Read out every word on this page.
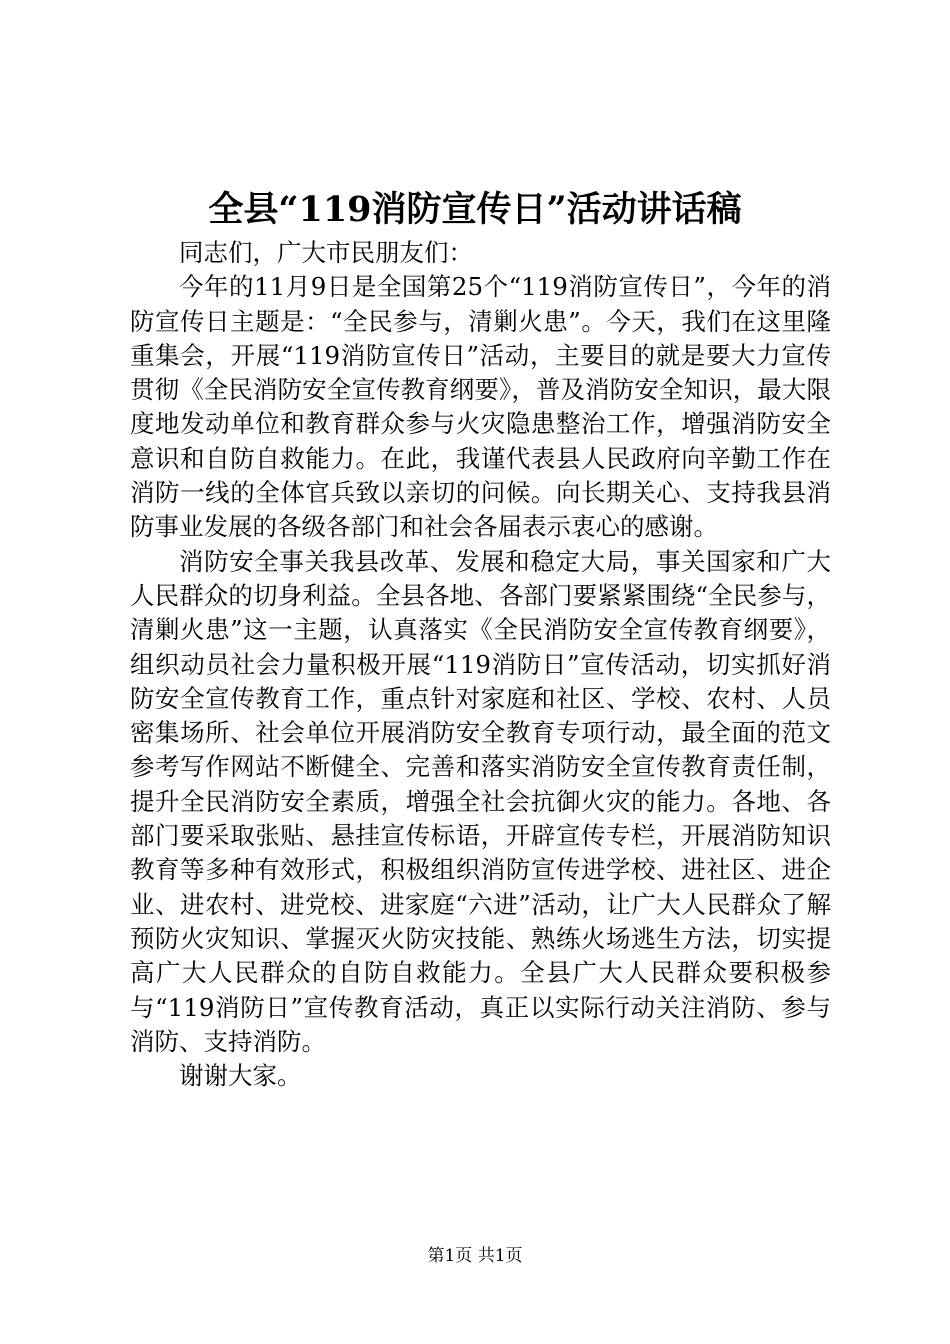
全县“119消防宣传日”活动讲话稿

同志们，广大市民朋友们：

今年的11月9日是全国第25个“119消防宣传日”，今年的消防宣传日主题是：“全民参与，清剿火患”。今天，我们在这里隆重集会，开展“119消防宣传日”活动，主要目的就是要大力宣传贯彻《全民消防安全宣传教育纲要》，普及消防安全知识，最大限度地发动单位和教育群众参与火灾隐患整治工作，增强消防安全意识和自防自救能力。在此，我谨代表县人民政府向辛勤工作在消防一线的全体官兵致以亲切的问候。向长期关心、支持我县消防事业发展的各级各部门和社会各届表示衷心的感谢。

消防安全事关我县改革、发展和稳定大局，事关国家和广大人民群众的切身利益。全县各地、各部门要紧紧围绕“全民参与，清剿火患”这一主题，认真落实《全民消防安全宣传教育纲要》，组织动员社会力量积极开展“119消防日”宣传活动，切实抓好消防安全宣传教育工作，重点针对家庭和社区、学校、农村、人员密集场所、社会单位开展消防安全教育专项行动，最全面的范文参考写作网站不断健全、完善和落实消防安全宣传教育责任制，提升全民消防安全素质，增强全社会抗御火灾的能力。各地、各部门要采取张贴、悬挂宣传标语，开辟宣传专栏，开展消防知识教育等多种有效形式，积极组织消防宣传进学校、进社区、进企业、进农村、进党校、进家庭“六进”活动，让广大人民群众了解预防火灾知识、掌握灭火防灾技能、熟练火场逃生方法，切实提高广大人民群众的自防自救能力。全县广大人民群众要积极参与“119消防日”宣传教育活动，真正以实际行动关注消防、参与消防、支持消防。

谢谢大家。

第1页 共1页
